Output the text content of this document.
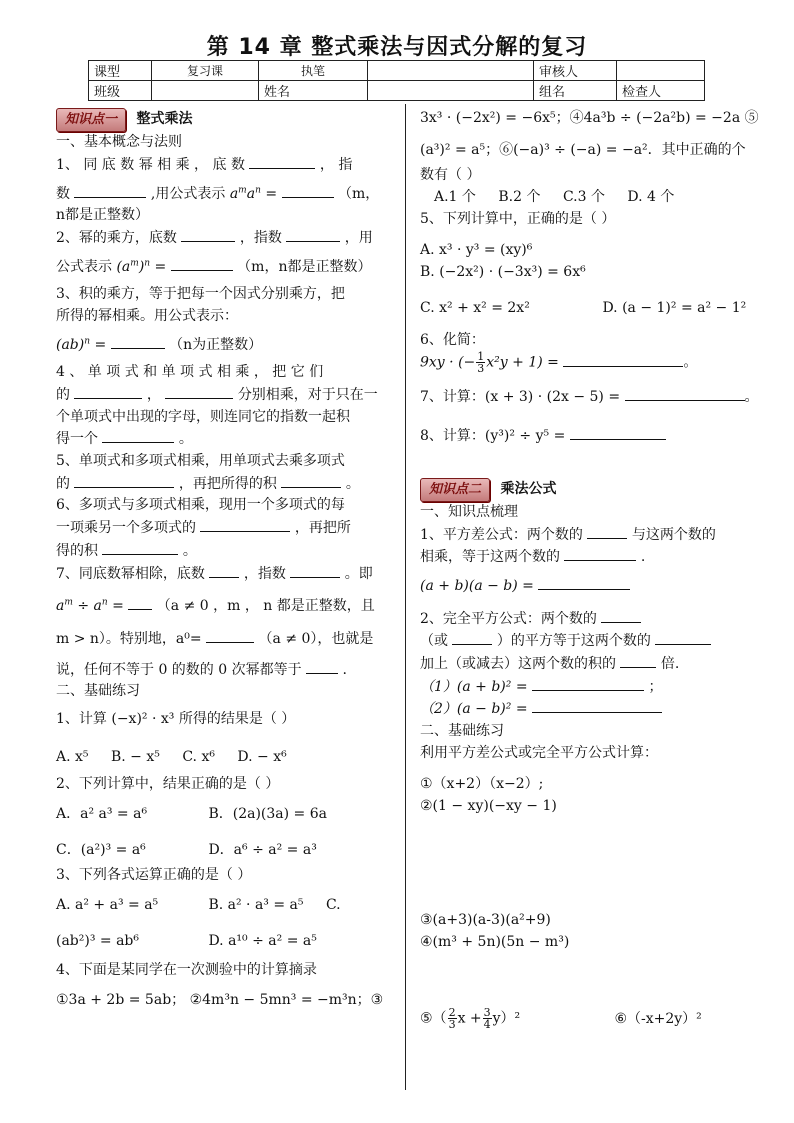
第 14 章 整式乘法与因式分解的复习
课型	复习课	执笔		审核人	
班级		姓名		组名	检查人

知识点一 整式乘法

一、基本概念与法则

1、 同 底 数 幂 相 乘 ， 底 数	， 指

数	,用公式表示 $a^ma^n$ =	（m，

n都是正整数）

2、幂的乘方，底数	，指数	，用

公式表示 $(a^m)^n$ =	（m，n都是正整数）

3、积的乘方，等于把每一个因式分别乘方，把

所得的幂相乘。用公式表示：

(ab)$^n$ =	（n为正整数）

4 、 单 项 式 和 单 项 式 相 乘 ， 把 它 们

的	，	分别相乘，对于只在一

个单项式中出现的字母，则连同它的指数一起积

得一个	。

5、单项式和多项式相乘，用单项式去乘多项式

的	，再把所得的积	。

6、多项式与多项式相乘，现用一个多项式的每

一项乘另一个多项式的	，再把所

得的积	。

7、同底数幂相除，底数	，指数	。即

$a^m \div a^n = (a \ne 0$ ，m ， n 都是正整数，且

m > n）。特别地，a⁰=	（a ≠ 0），也就是

说，任何不等于 0 的数的 0 次幂都等于	.

二、基础练习

1、计算 (−x)² · x³ 所得的结果是（ ）

A. x⁵ B. − x⁵ C. x⁶ D. − x⁶

2、下列计算中，结果正确的是（ ）

A．a² a³ = a⁶	B．(2a)(3a) = 6a

C．(a²)³ = a⁶	D．a⁶ ÷ a² = a³

3、下列各式运算正确的是（ ）

A. a² + a³ = a⁵	B. a² · a³ = a⁵ C.

(ab²)³ = ab⁶	D. a¹⁰ ÷ a² = a⁵

4、下面是某同学在一次测验中的计算摘录

①3a + 2b = 5ab； ②4m³n − 5mn³ = −m³n；③

3x³ · (−2x²) = −6x⁵；④4a³b ÷ (−2a²b) = −2a ⑤

(a³)² = a⁵；⑥(−a)³ ÷ (−a) = −a²．其中正确的个

数有（ ）

A.1 个 B.2 个 C.3 个 D. 4 个

5、下列计算中，正确的是（ ）

A. x³ · y³ = (xy)⁶ B. (−2x²) · (−3x³) = 6x⁶

C. x² + x² = 2x²	D. (a − 1)² = a² − 1²

6、化简：

9xy · (− $\frac{1}{3} x^2y + 1$) =	。

7、计算：(x + 3) · (2x − 5) =	。

8、计算：(y³)² ÷ y⁵ =

知识点二 乘法公式

一、知识点梳理

1、平方差公式：两个数的	与这两个数的

相乘，等于这两个数的	.

(a + b)(a − b) =

2、完全平方公式：两个数的

（或	）的平方等于这两个数的

加上（或减去）这两个数的积的	倍.

（1）(a + b)² =	；

（2）(a − b)² =

二、基础练习

利用平方差公式或完全平方公式计算：

①（x+2）（x−2）; ②(1 − xy)(−xy − 1)

③(a+3)(a-3)(a²+9) ④(m³ + 5n)(5n − m³)

⑤（ $\frac{2}{3}$ $x + \frac{3}{4} y)^2$	⑥（-x+2y）²
